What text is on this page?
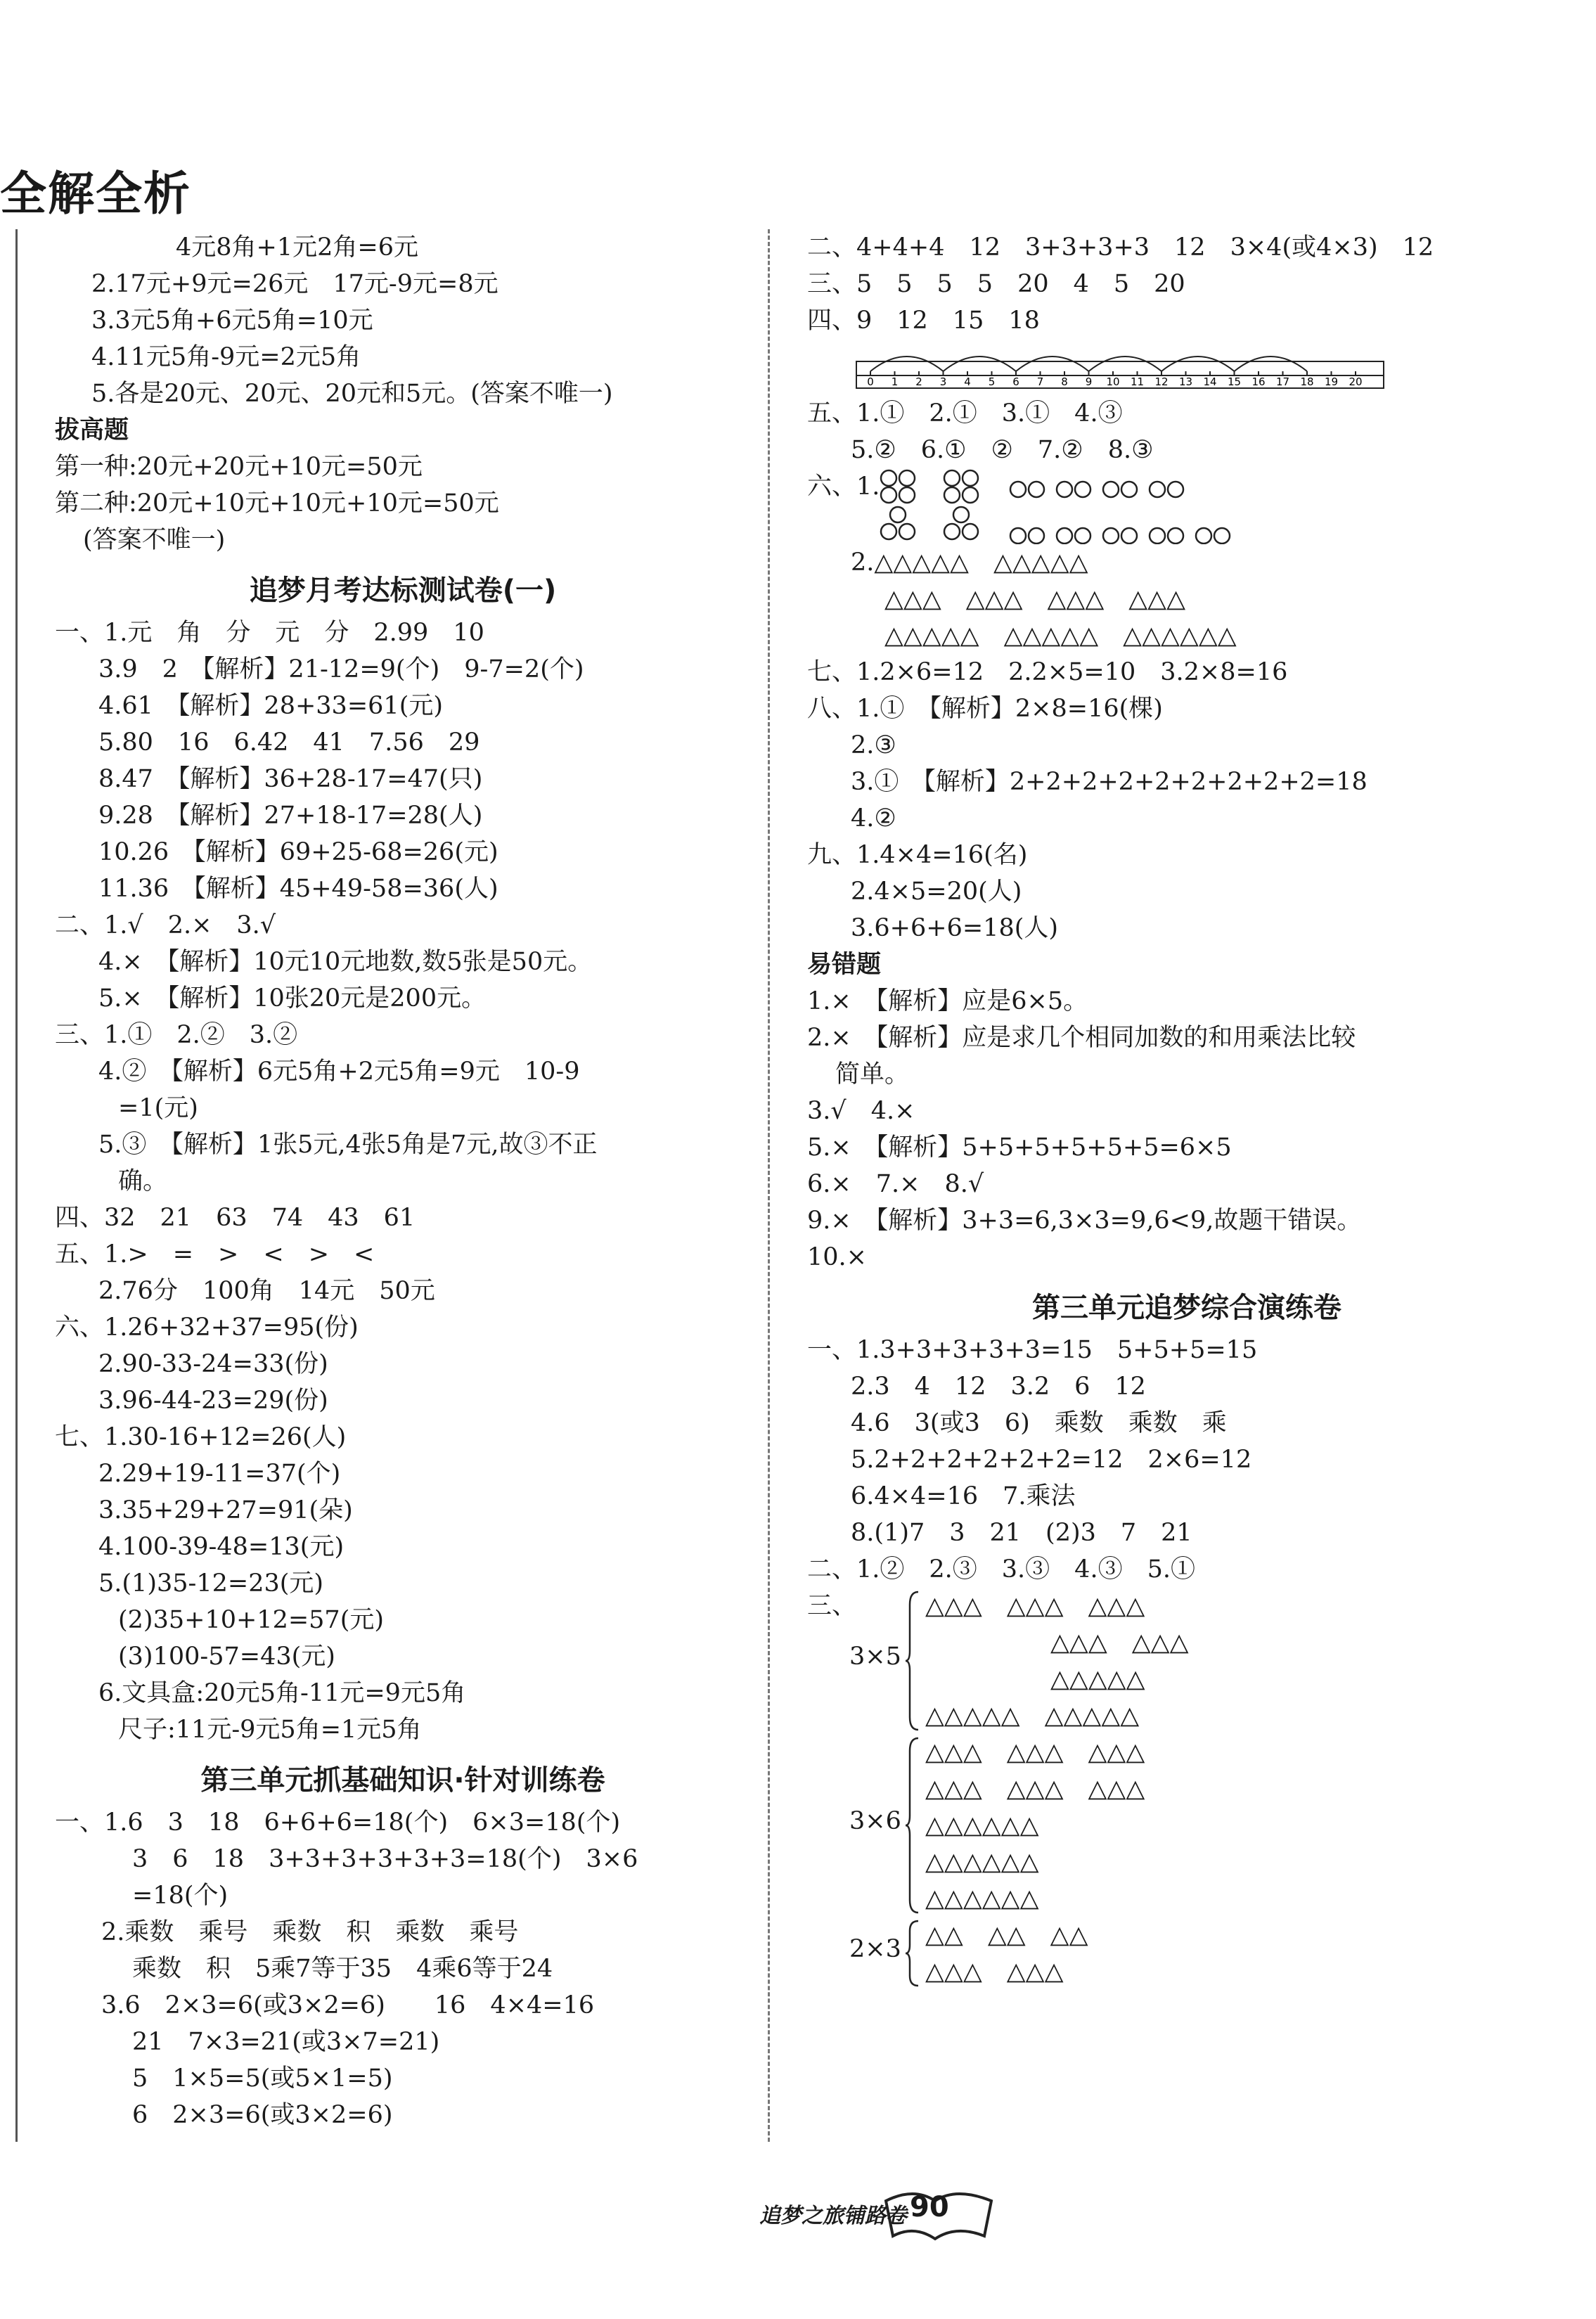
全解全析
4元8角+1元2角=6元
2.17元+9元=26元　17元-9元=8元
3.3元5角+6元5角=10元
4.11元5角-9元=2元5角
5.各是20元、20元、20元和5元。(答案不唯一)
拔高题
第一种:20元+20元+10元=50元
第二种:20元+10元+10元+10元=50元
(答案不唯一)
追梦月考达标测试卷(一)
一、1.元　角　分　元　分　2.99　10
3.9　2　【解析】21-12=9(个)　9-7=2(个)
4.61　【解析】28+33=61(元)
5.80　16　6.42　41　7.56　29
8.47　【解析】36+28-17=47(只)
9.28　【解析】27+18-17=28(人)
10.26　【解析】69+25-68=26(元)
11.36　【解析】45+49-58=36(人)
二、1.√　2.×　3.√
4.×　【解析】10元10元地数,数5张是50元。
5.×　【解析】10张20元是200元。
三、1.①　2.②　3.②
4.②　【解析】6元5角+2元5角=9元　10-9
=1(元)
5.③　【解析】1张5元,4张5角是7元,故③不正
确。
四、32　21　63　74　43　61
五、1.>　=　>　<　>　<
2.76分　100角　14元　50元
六、1.26+32+37=95(份)
2.90-33-24=33(份)
3.96-44-23=29(份)
七、1.30-16+12=26(人)
2.29+19-11=37(个)
3.35+29+27=91(朵)
4.100-39-48=13(元)
5.(1)35-12=23(元)
(2)35+10+12=57(元)
(3)100-57=43(元)
6.文具盒:20元5角-11元=9元5角
尺子:11元-9元5角=1元5角
第三单元抓基础知识·针对训练卷
一、1.6　3　18　6+6+6=18(个)　6×3=18(个)
3　6　18　3+3+3+3+3+3=18(个)　3×6
=18(个)
2.乘数　乘号　乘数　积　乘数　乘号
乘数　积　5乘7等于35　4乘6等于24
3.6　2×3=6(或3×2=6)　　16　4×4=16
21　7×3=21(或3×7=21)
5　1×5=5(或5×1=5)
6　2×3=6(或3×2=6)
二、4+4+4　12　3+3+3+3　12　3×4(或4×3)　12
三、5　5　5　5　20　4　5　20
四、9　12　15　18
0 1 2 3 4 5 6 7 8 9 10 11 12 13 14 15 16 17 18 19 20
五、1.①　2.①　3.①　4.③
5.②　6.①　②　7.②　8.③
六、1.
2.△△△△△　△△△△△
△△△　△△△　△△△　△△△
△△△△△　△△△△△　△△△△△△
七、1.2×6=12　2.2×5=10　3.2×8=16
八、1.①　【解析】2×8=16(棵)
2.③
3.①　【解析】2+2+2+2+2+2+2+2+2=18
4.②
九、1.4×4=16(名)
2.4×5=20(人)
3.6+6+6=18(人)
易错题
1.×　【解析】应是6×5。
2.×　【解析】应是求几个相同加数的和用乘法比较
简单。
3.√　4.×
5.×　【解析】5+5+5+5+5+5=6×5
6.×　7.×　8.√
9.×　【解析】3+3=6,3×3=9,6<9,故题干错误。
10.×
第三单元追梦综合演练卷
一、1.3+3+3+3+3=15　5+5+5=15
2.3　4　12　3.2　6　12
4.6　3(或3　6)　乘数　乘数　乘
5.2+2+2+2+2+2=12　2×6=12
6.4×4=16　7.乘法
8.(1)7　3　21　(2)3　7　21
二、1.②　2.③　3.③　4.③　5.①
三、
3×5
△△△　△△△　△△△
△△△　△△△
△△△△△
△△△△△　△△△△△
3×6
△△△　△△△　△△△
△△△　△△△　△△△
△△△△△△
△△△△△△
△△△△△△
2×3 △△　△△　△△
△△△　△△△
追梦之旅铺路卷 90
